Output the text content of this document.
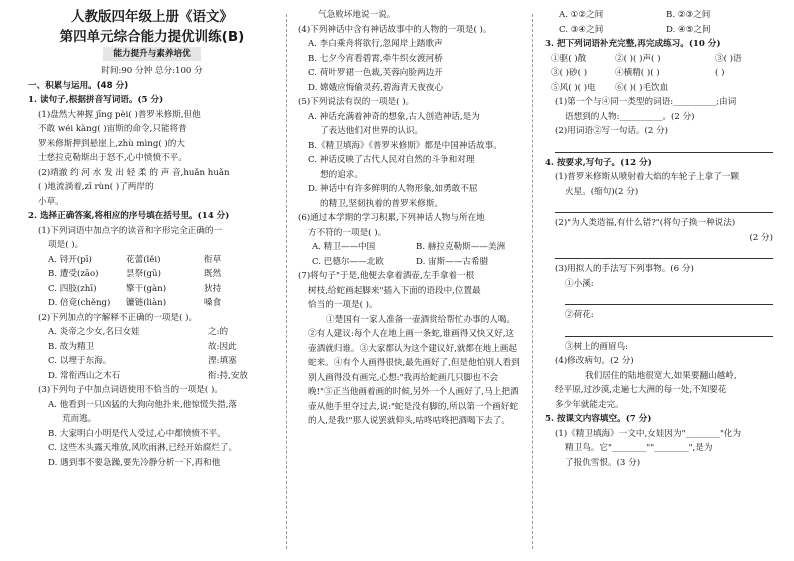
人教版四年级上册《语文》
第四单元综合能力提优训练(B)
能力提升与素养培优
时间:90 分钟 总分:100 分
一、积累与运用。(48 分)
1. 读句子,根据拼音写词语。(5 分)
(1)盘然大神握 jīng pèi( )普罗米修斯,但他
不敢 wéi kàng( )宙斯的命令,只能将普
罗米修斯押到悬崖上,zhù mìng( )的大
士慈拉克勒斯出于怒不,心中愤愤不平。
(2)靖澈 约 河 水 发 出 轻 柔 的 声 音,huǎn huǎn
( )地流淌着,zī rùn( )了两岸的
小草。
2. 选择正确答案,将相应的序号填在括号里。(14 分)
(1)下列词语中加点字的读音和字形完全正确的一
项是( )。
A. 锊开(pī)	花蕾(lěi)	衔草
B. 遭受(zāo)	昙祭(gū)	既然
C. 四肢(zhī)	擎干(gàn)	狄持
D. 倍竟(chěng)	镰链(liàn)	嗓食
(2)下列加点的字解释不正确的一项是( )。
A. 炎帝之少女,名曰女娃	之:的
B. 故为精卫	故:因此
C. 以埋于东海。	湮:填塞
D. 常衔西山之木石	衔:持,安放
(3)下列句子中加点词语使用不恰当的一项是( )。
A. 他看到一只凶猛的大狗向他扑来,他惊慌失措,落
荒而逃。
B. 大家明白小明是代人受过,心中都愤愤不平。
C. 这些木头露天堆放,风吹雨淋,已经开始腐烂了。
D. 遇到事不要急躁,要先冷静分析一下,再和他
气急败坏地说一说。
(4)下列神话中含有神话故事中的人物的一项是( )。
A. 李白乘舟将欲行,忽闻岸上踏歌声
B. 七夕今宵看碧霄,牵牛织女渡河桥
C. 荷叶罗裙一色裁,芙蓉向脸两边开
D. 嫦娥应悔偷灵药,碧海青天夜夜心
(5)下列说法有误的一项是( )。
A. 神话充满着神奇的想象,古人创造神话,是为
了表达他们对世界的认识。
B.《精卫填海》《普罗米修斯》都是中国神话故事。
C. 神话反映了古代人民对自然的斗争和对理
想的追求。
D. 神话中有许多鲜明的人物形象,如勇敢不屈
的精卫,坚韧执着的普罗米修斯。
(6)通过本学期的学习积累,下列神话人物与所在地
方不符的一项是( )。
A. 精卫——中国	B. 赫拉克勒斯——美洲
C. 巴德尔——北欧	D. 宙斯——古希腊
(7)将句子"于是,他便去拿着酒壶,左手拿着一根
树枝,给蛇画起脚来"插入下面的语段中,位置最
恰当的一项是( )。
①楚国有一家人准备一壶酒赏给帮忙办事的人喝。②有人建议:每个人在地上画一条蛇,谁画得又快又好,这壶酒就归谁。③大家都认为这个建议好,就都在地上画起蛇来。④有个人画得很快,最先画好了,但是他怕别人看到别人画得没有画完,心想:"我再给蛇画几只脚也不会晚!"⑤正当他画着画的时候,另外一个人画好了,马上把酒壶从他手里夺过去,说:"蛇是没有脚的,所以第一个画好蛇的人,是我!"那人说罢就仰头,咕咚咕咚把酒喝下去了。
A. ①②之间	B. ②③之间
C. ③④之间	D. ④⑤之间
3. 把下列词语补充完整,再完成练习。(10 分)
①驱( )散	②( )( )声( )	③( )语
③( )砂( )	④横精( )( )	( )
⑤风( )( )电	⑥( )( )毛饮血
(1)第一个与④同一类型的词语:__________;由词
语想到的人物:__________。(2 分)
(2)用词语②写一句话。(2 分)
4. 按要求,写句子。(12 分)
(1)普罗米修斯从喷射着大焰的车轮子上拿了一颗
火星。(缩句)(2 分)
(2)"为人类造福,有什么错?"(将句子换一种说法)
(2 分)
(3)用拟人的手法写下列事物。(6 分)
①小溪:
②荷花:
③树上的画眉鸟:
(4)修改病句。(2 分)
我们居住的陆地很宽大,如果要翻山越岭,
经平原,过沙漠,走遍七大洲的每一处,不知要花
多少年就能走完。
5. 按课文内容填空。(7 分)
(1)《精卫填海》一文中,女娃因为"________"化为
精卫鸟。它"________""________",是为
了报仇雪恨。(3 分)
